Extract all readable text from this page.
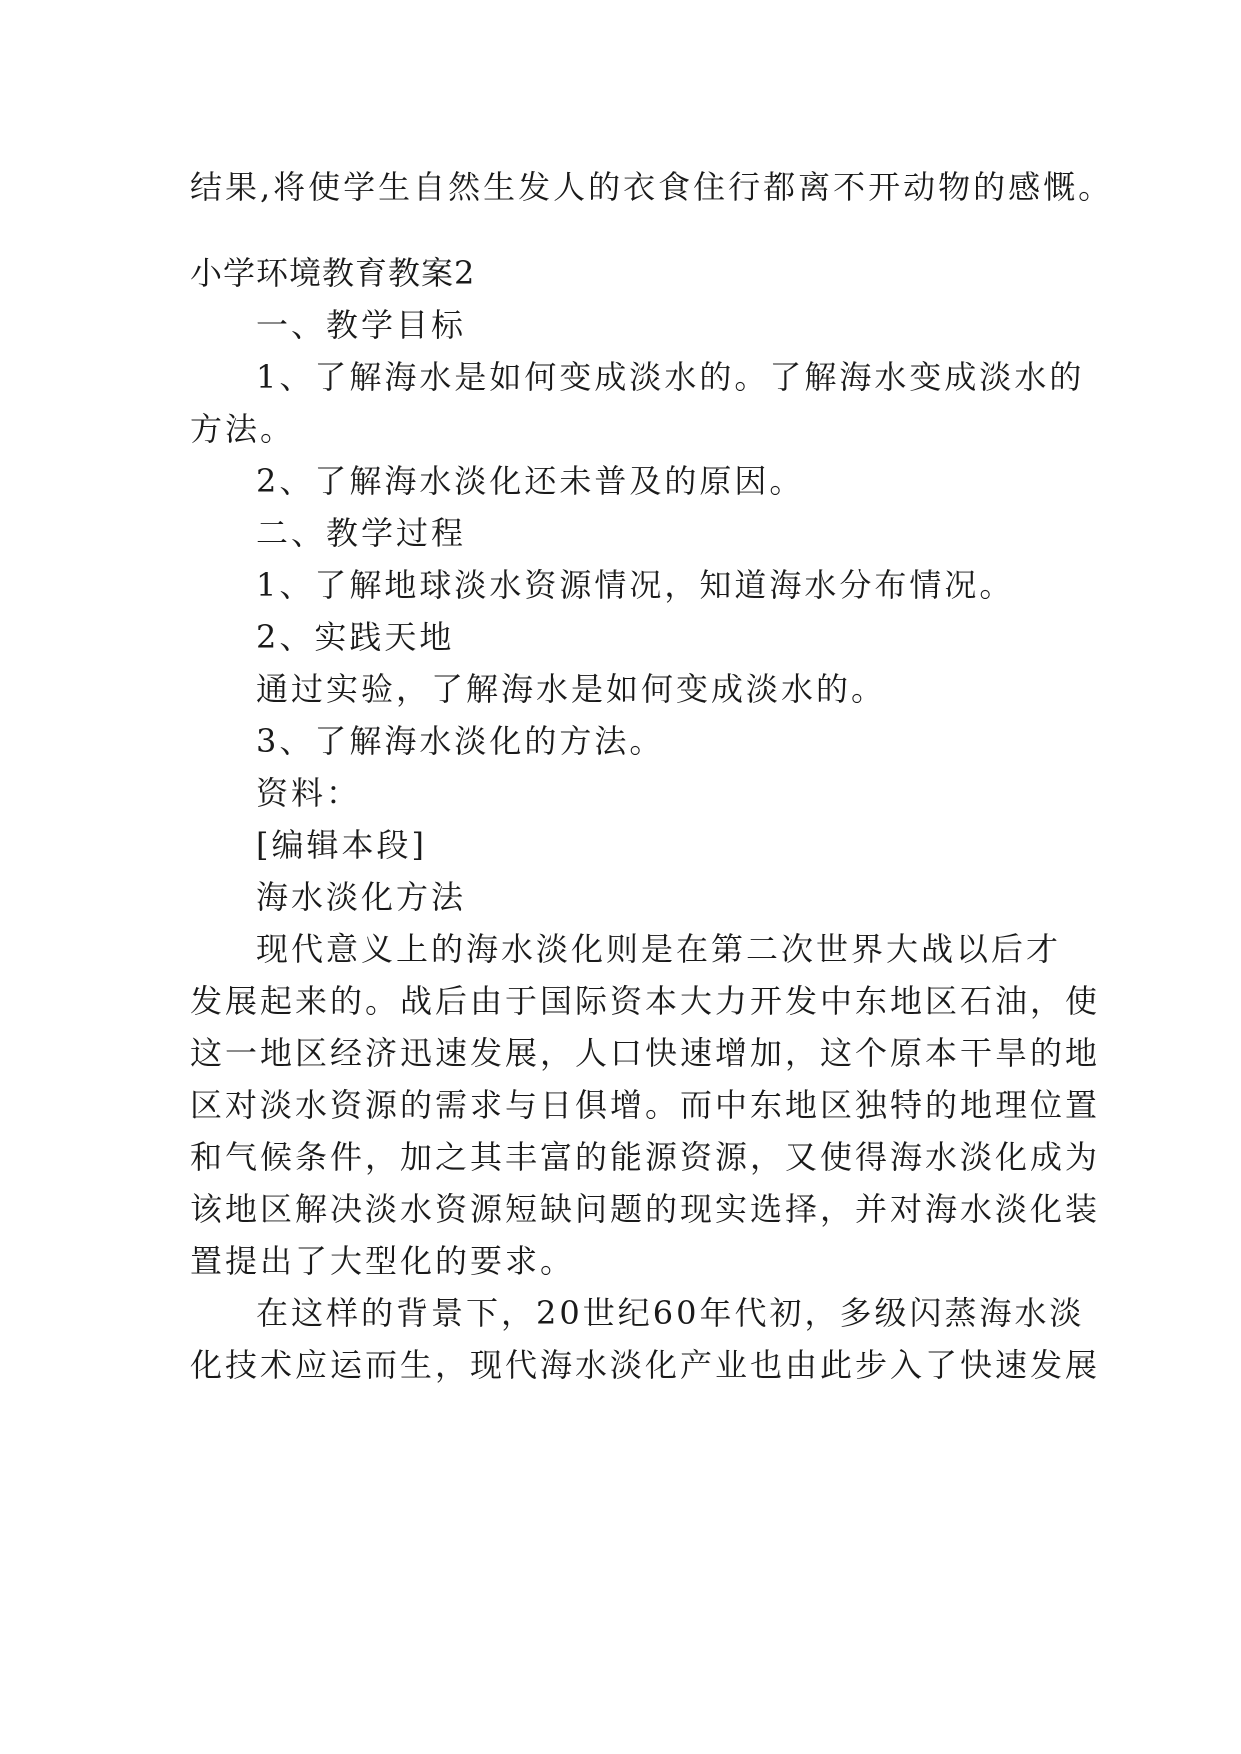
结果,将使学生自然生发人的衣食住行都离不开动物的感慨。
小学环境教育教案2
一、教学目标
1、了解海水是如何变成淡水的。了解海水变成淡水的
方法。
2、了解海水淡化还未普及的原因。
二、教学过程
1、了解地球淡水资源情况，知道海水分布情况。
2、实践天地
通过实验，了解海水是如何变成淡水的。
3、了解海水淡化的方法。
资料：
[编辑本段]
海水淡化方法
现代意义上的海水淡化则是在第二次世界大战以后才
发展起来的。战后由于国际资本大力开发中东地区石油，使
这一地区经济迅速发展，人口快速增加，这个原本干旱的地
区对淡水资源的需求与日俱增。而中东地区独特的地理位置
和气候条件，加之其丰富的能源资源，又使得海水淡化成为
该地区解决淡水资源短缺问题的现实选择，并对海水淡化装
置提出了大型化的要求。
在这样的背景下，20世纪60年代初，多级闪蒸海水淡
化技术应运而生，现代海水淡化产业也由此步入了快速发展
